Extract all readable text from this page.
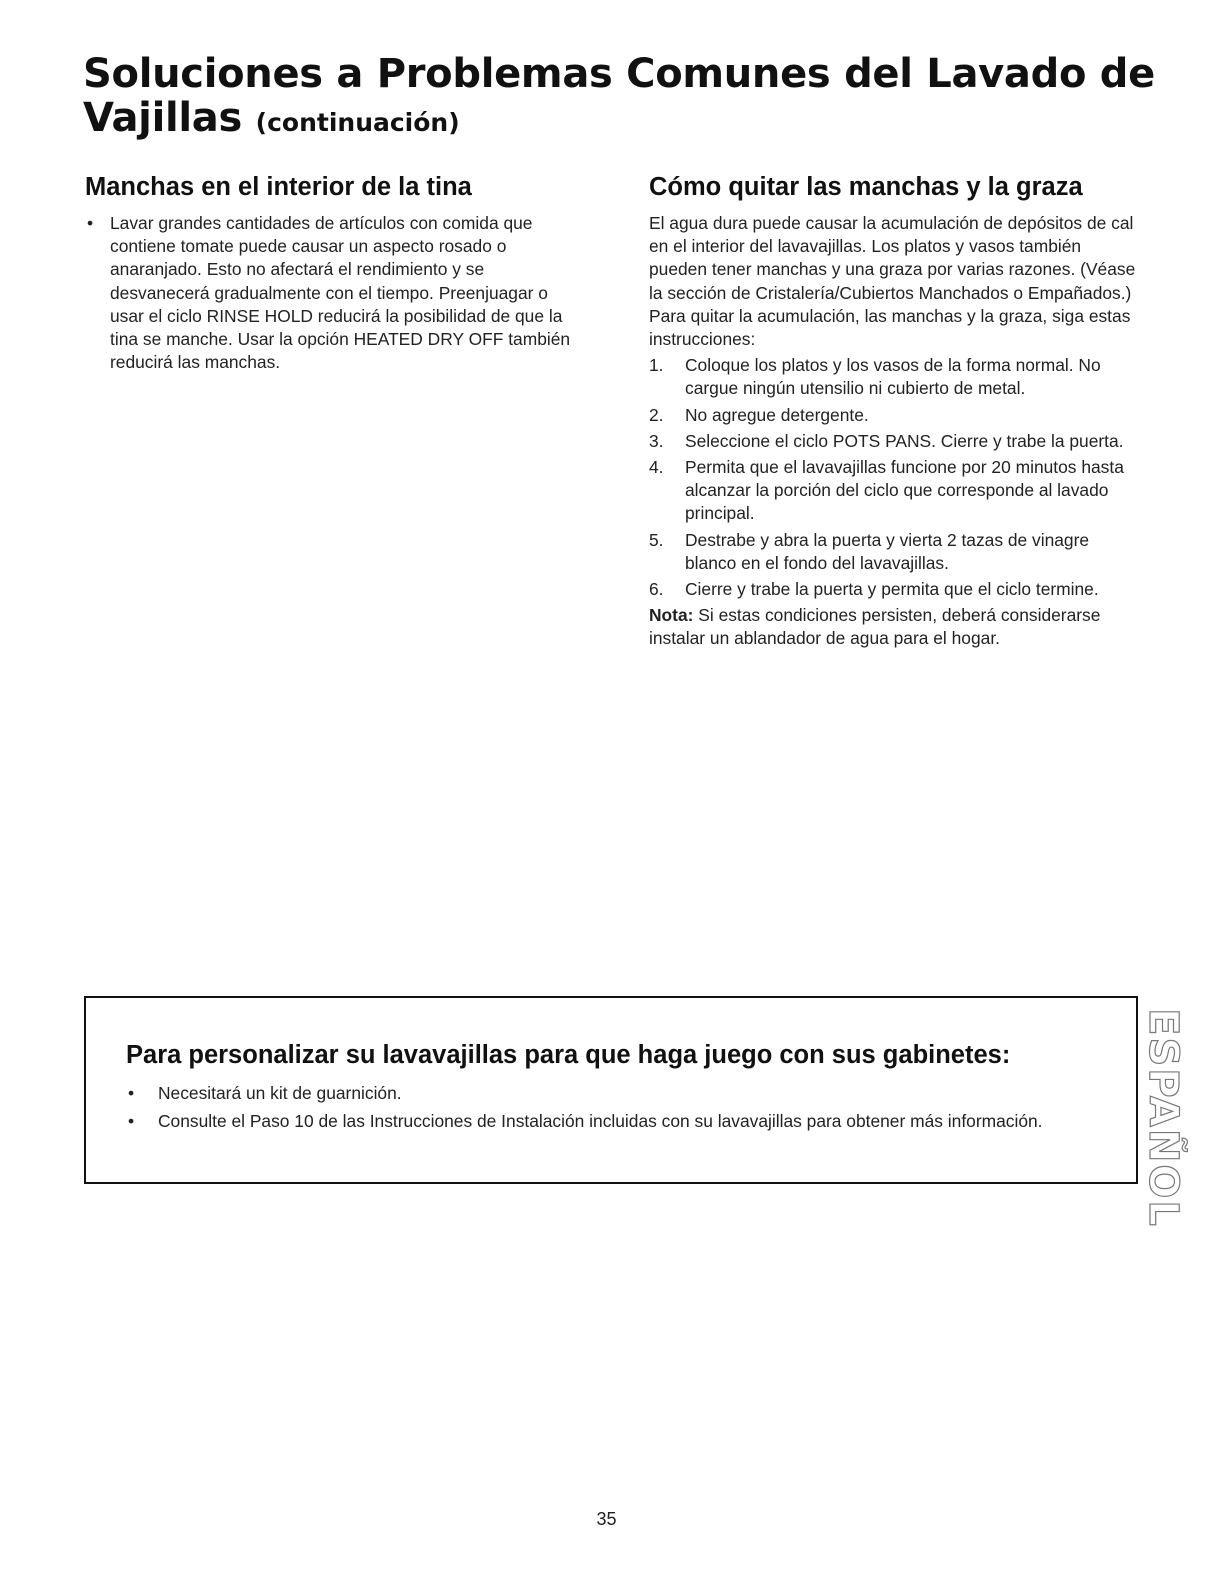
Soluciones a Problemas Comunes del Lavado de Vajillas (continuación)
Manchas en el interior de la tina
• Lavar grandes cantidades de artículos con comida que contiene tomate puede causar un aspecto rosado o anaranjado. Esto no afectará el rendimiento y se desvanecerá gradualmente con el tiempo. Preenjuagar o usar el ciclo RINSE HOLD reducirá la posibilidad de que la tina se manche. Usar la opción HEATED DRY OFF también reducirá las manchas.
Cómo quitar las manchas y la graza

El agua dura puede causar la acumulación de depósitos de cal en el interior del lavavajillas. Los platos y vasos también pueden tener manchas y una graza por varias razones. (Véase la sección de Cristalería/Cubiertos Manchados o Empañados.) Para quitar la acumulación, las manchas y la graza, siga estas instrucciones:

1. Coloque los platos y los vasos de la forma normal. No cargue ningún utensilio ni cubierto de metal.
2. No agregue detergente.
3. Seleccione el ciclo POTS PANS. Cierre y trabe la puerta.
4. Permita que el lavavajillas funcione por 20 minutos hasta alcanzar la porción del ciclo que corresponde al lavado principal.
5. Destrabe y abra la puerta y vierta 2 tazas de vinagre blanco en el fondo del lavavajillas.
6. Cierre y trabe la puerta y permita que el ciclo termine.

Nota: Si estas condiciones persisten, deberá considerarse instalar un ablandador de agua para el hogar.

Para personalizar su lavavajillas para que haga juego con sus gabinetes:
• Necesitará un kit de guarnición.
• Consulte el Paso 10 de las Instrucciones de Instalación incluidas con su lavavajillas para obtener más información.	ESPAÑOL
35
